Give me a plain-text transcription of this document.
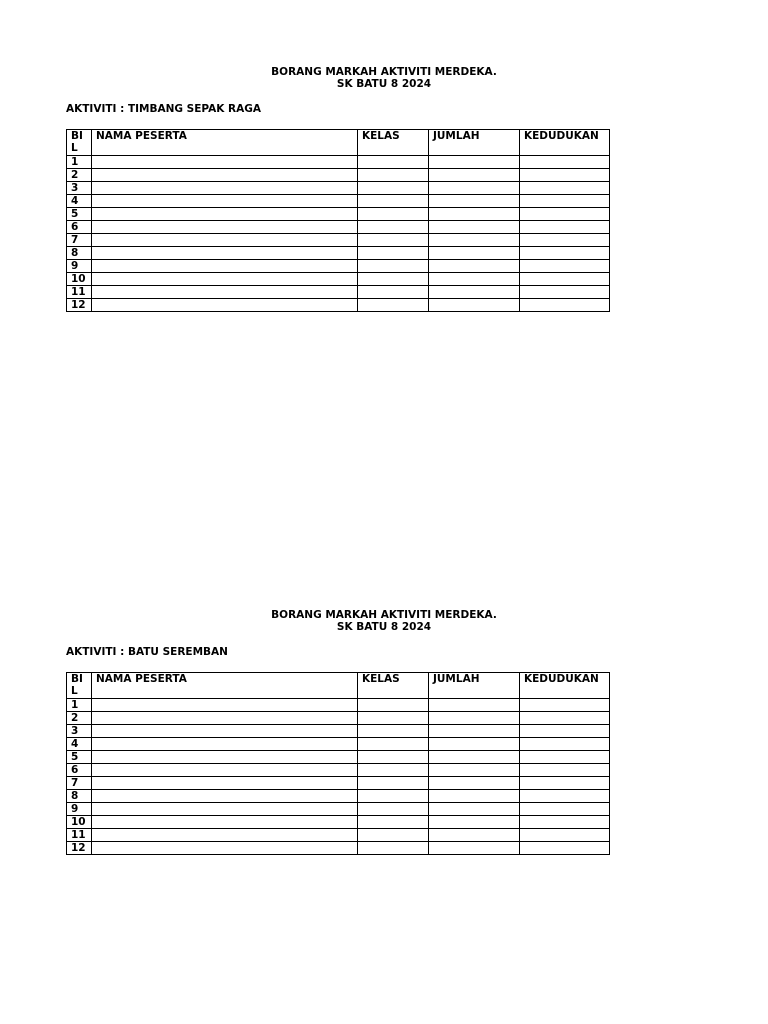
BORANG MARKAH AKTIVITI MERDEKA.

SK BATU 8 2024

AKTIVITI : TIMBANG SEPAK RAGA
BI
L	NAMA PESERTA	KELAS	JUMLAH	KEDUDUKAN
1				
2				
3				
4				
5				
6				
7				
8				
9				
10				
11				
12				

BORANG MARKAH AKTIVITI MERDEKA.

SK BATU 8 2024

AKTIVITI : BATU SEREMBAN
BI
L	NAMA PESERTA	KELAS	JUMLAH	KEDUDUKAN
1				
2				
3				
4				
5				
6				
7				
8				
9				
10				
11				
12				
